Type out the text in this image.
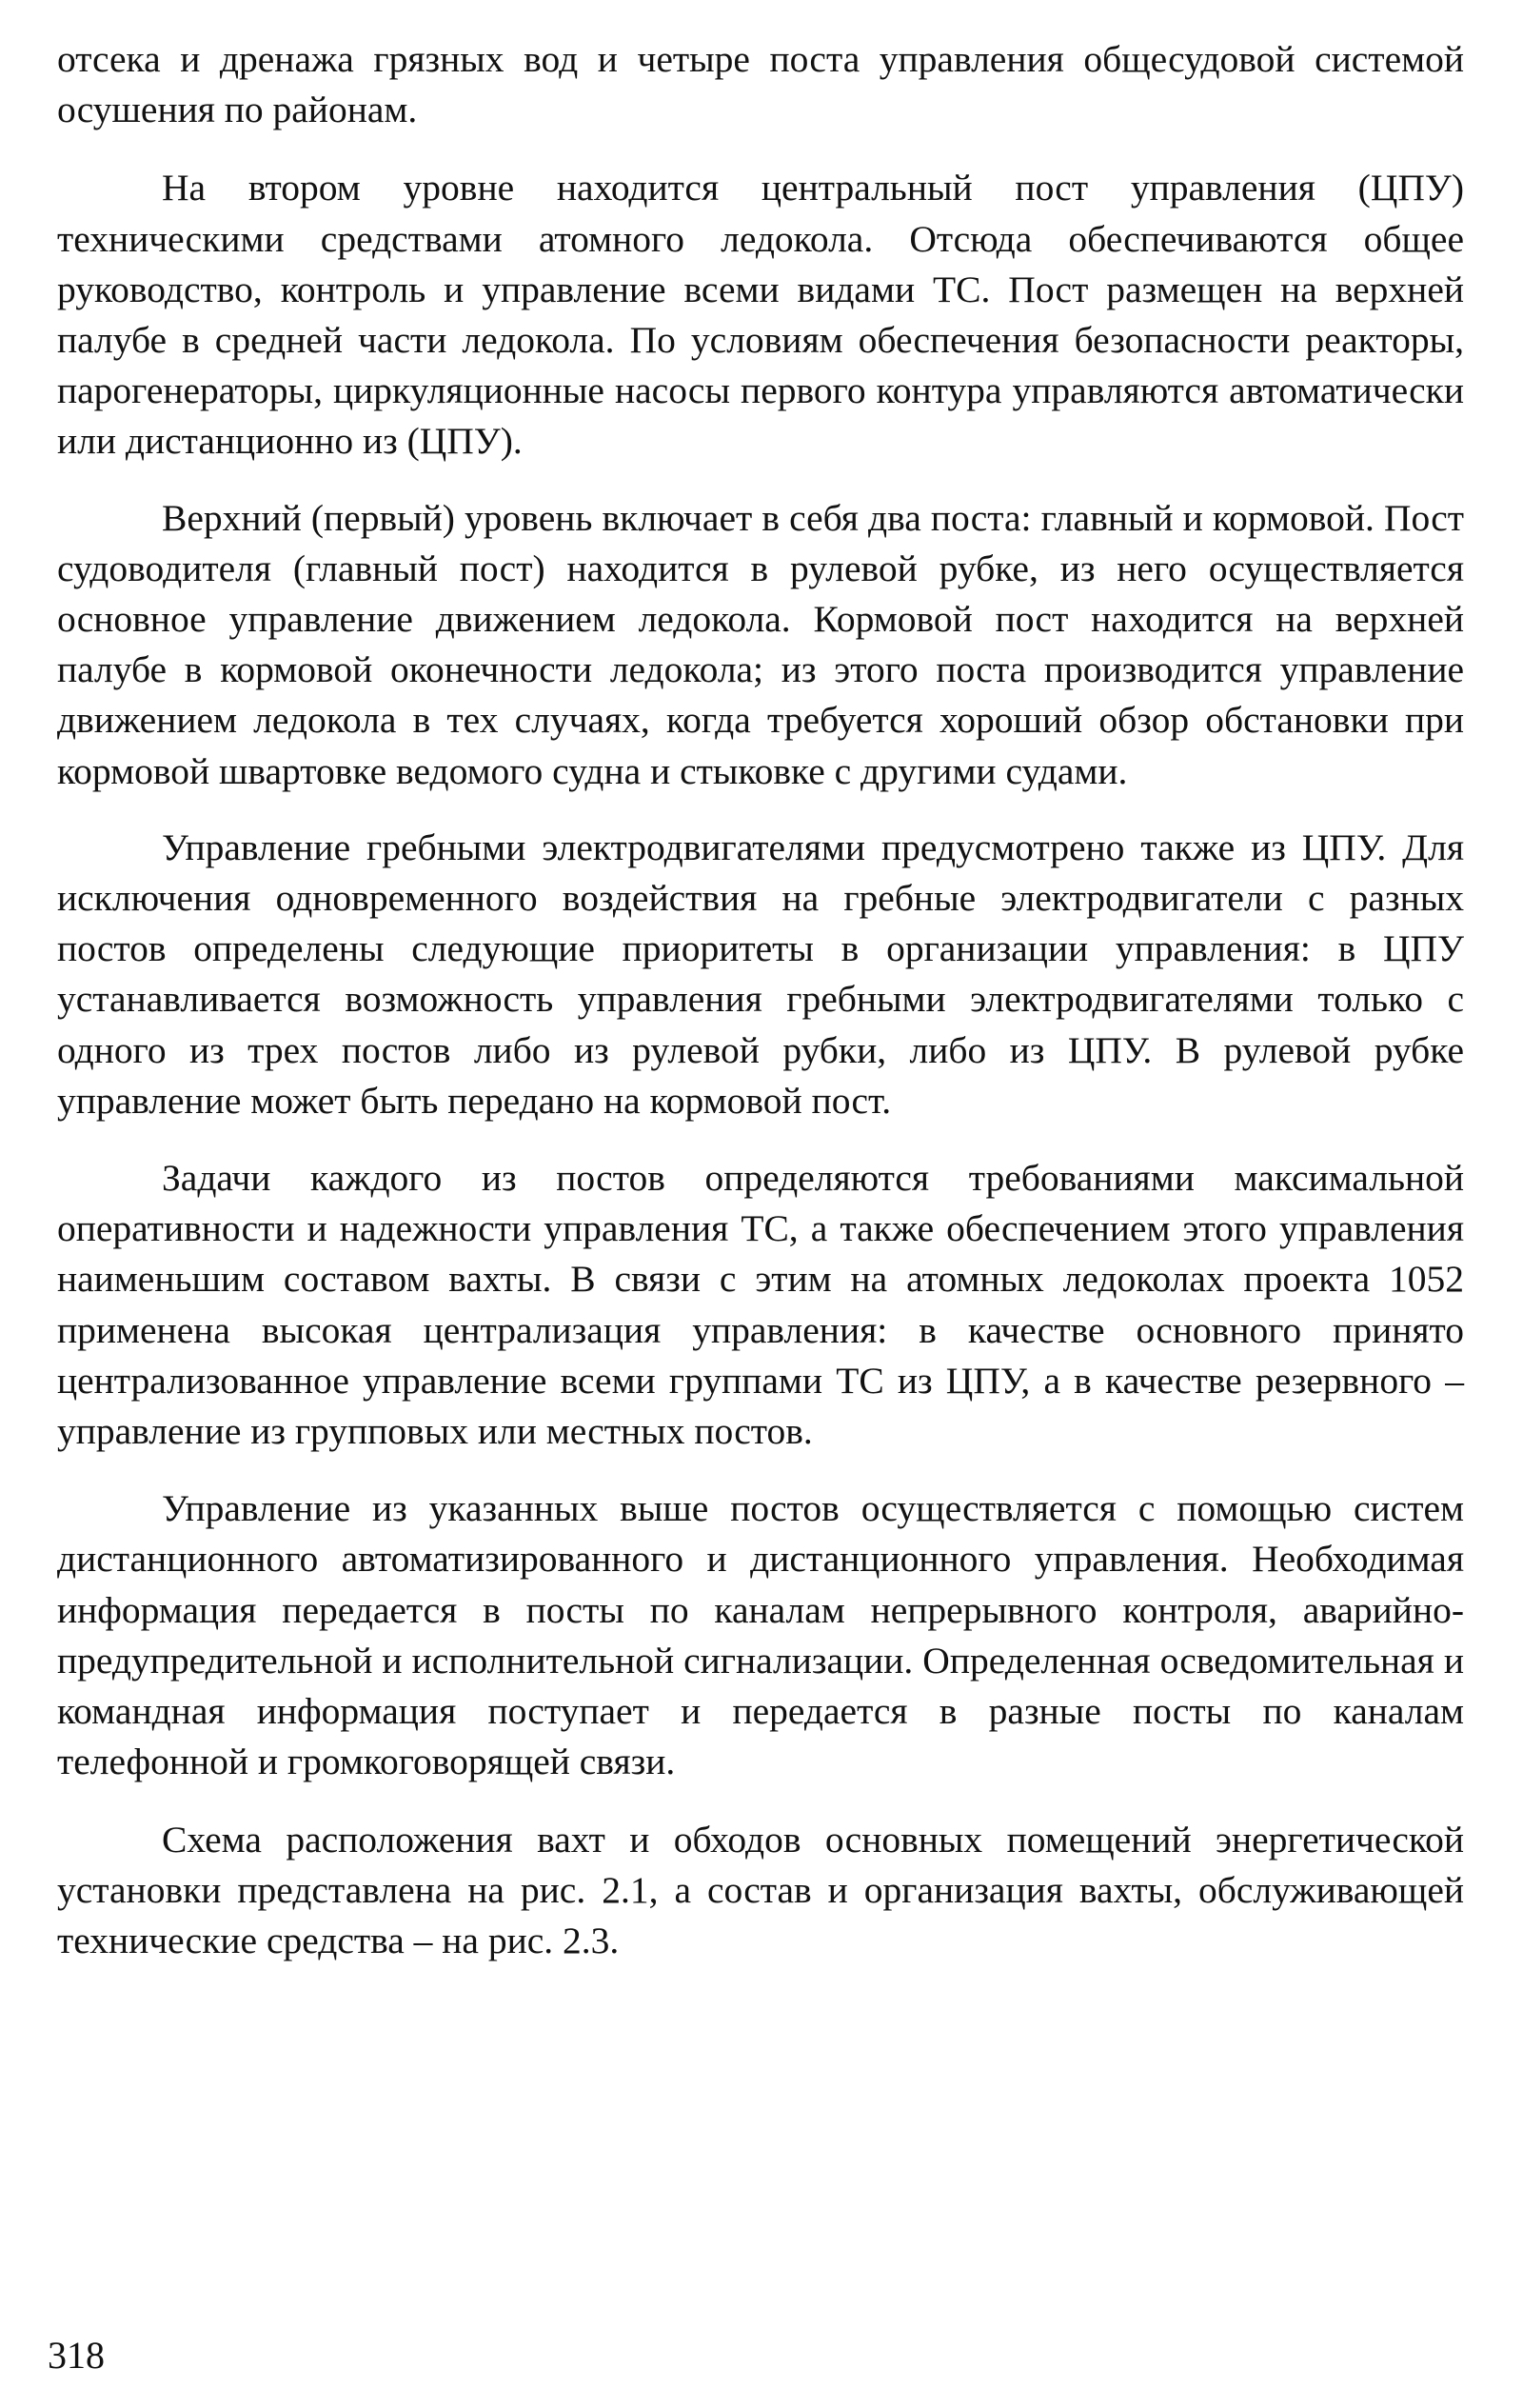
отсека и дренажа грязных вод и четыре поста управления общесудовой системой осушения по районам.

На втором уровне находится центральный пост управления (ЦПУ) техническими средствами атомного ледокола. Отсюда обеспечиваются общее руководство, контроль и управление всеми видами ТС. Пост размещен на верхней палубе в средней части ледокола. По условиям обеспечения безопасности реакторы, парогенераторы, циркуляционные насосы первого контура управляются автоматически или дистанционно из (ЦПУ).

Верхний (первый) уровень включает в себя два поста: главный и кормовой. Пост судоводителя (главный пост) находится в рулевой рубке, из него осуществляется основное управление движением ледокола. Кормовой пост находится на верхней палубе в кормовой оконечности ледокола; из этого поста производится управление движением ледокола в тех случаях, когда требуется хороший обзор обстановки при кормовой швартовке ведомого судна и стыковке с другими судами.

Управление гребными электродвигателями предусмотрено также из ЦПУ. Для исключения одновременного воздействия на гребные электродвигатели с разных постов определены следующие приоритеты в организации управления: в ЦПУ устанавливается возможность управления гребными электродвигателями только с одного из трех постов либо из рулевой рубки, либо из ЦПУ. В рулевой рубке управление может быть передано на кормовой пост.

Задачи каждого из постов определяются требованиями максимальной оперативности и надежности управления ТС, а также обеспечением этого управления наименьшим составом вахты. В связи с этим на атомных ледоколах проекта 1052 применена высокая централизация управления: в качестве основного принято централизованное управление всеми группами ТС из ЦПУ, а в качестве резервного – управление из групповых или местных постов.

Управление из указанных выше постов осуществляется с помощью систем дистанционного автоматизированного и дистанционного управления. Необходимая информация передается в посты по каналам непрерывного контроля, аварийно-предупредительной и исполнительной сигнализации. Определенная осведомительная и командная информация поступает и передается в разные посты по каналам телефонной и громкоговорящей связи.

Схема расположения вахт и обходов основных помещений энергетической установки представлена на рис. 2.1, а состав и организация вахты, обслуживающей технические средства – на рис. 2.3.

318
